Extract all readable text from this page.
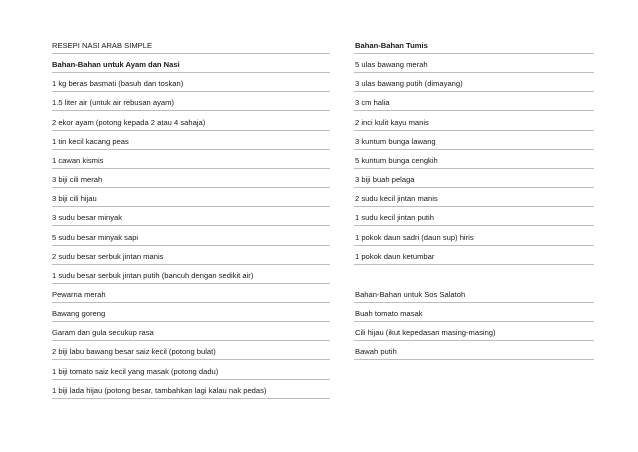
RESEPI NASI ARAB SIMPLE
Bahan-Bahan untuk Ayam dan Nasi
1 kg beras basmati (basuh dan toskan)
1.5 liter air (untuk air rebusan ayam)
2 ekor ayam (potong kepada 2 atau 4 sahaja)
1 tin kecil kacang peas
1 cawan kismis
3 biji cili merah
3 biji cili hijau
3 sudu besar minyak
5 sudu besar minyak sapi
2 sudu besar serbuk jintan manis
1 sudu besar serbuk jintan putih (bancuh dengan sedikit air)
Pewarna merah
Bawang goreng
Garam dan gula secukup rasa
2 biji labu bawang besar saiz kecil (potong bulat)
1 biji tomato saiz kecil yang masak (potong dadu)
1 biji lada hijau (potong besar, tambahkan lagi kalau nak pedas)
Bahan-Bahan Tumis
5 ulas bawang merah
3 ulas bawang putih (dimayang)
3 cm halia
2 inci kulit kayu manis
3 kuntum bunga lawang
5 kuntum bunga cengkih
3 biji buah pelaga
2 sudu kecil jintan manis
1 sudu kecil jintan putih
1 pokok daun sadri (daun sup) hiris
1 pokok daun ketumbar
Bahan-Bahan untuk Sos Salatoh
Buah tomato masak
Cili hijau (ikut kepedasan masing-masing)
Bawah putih
